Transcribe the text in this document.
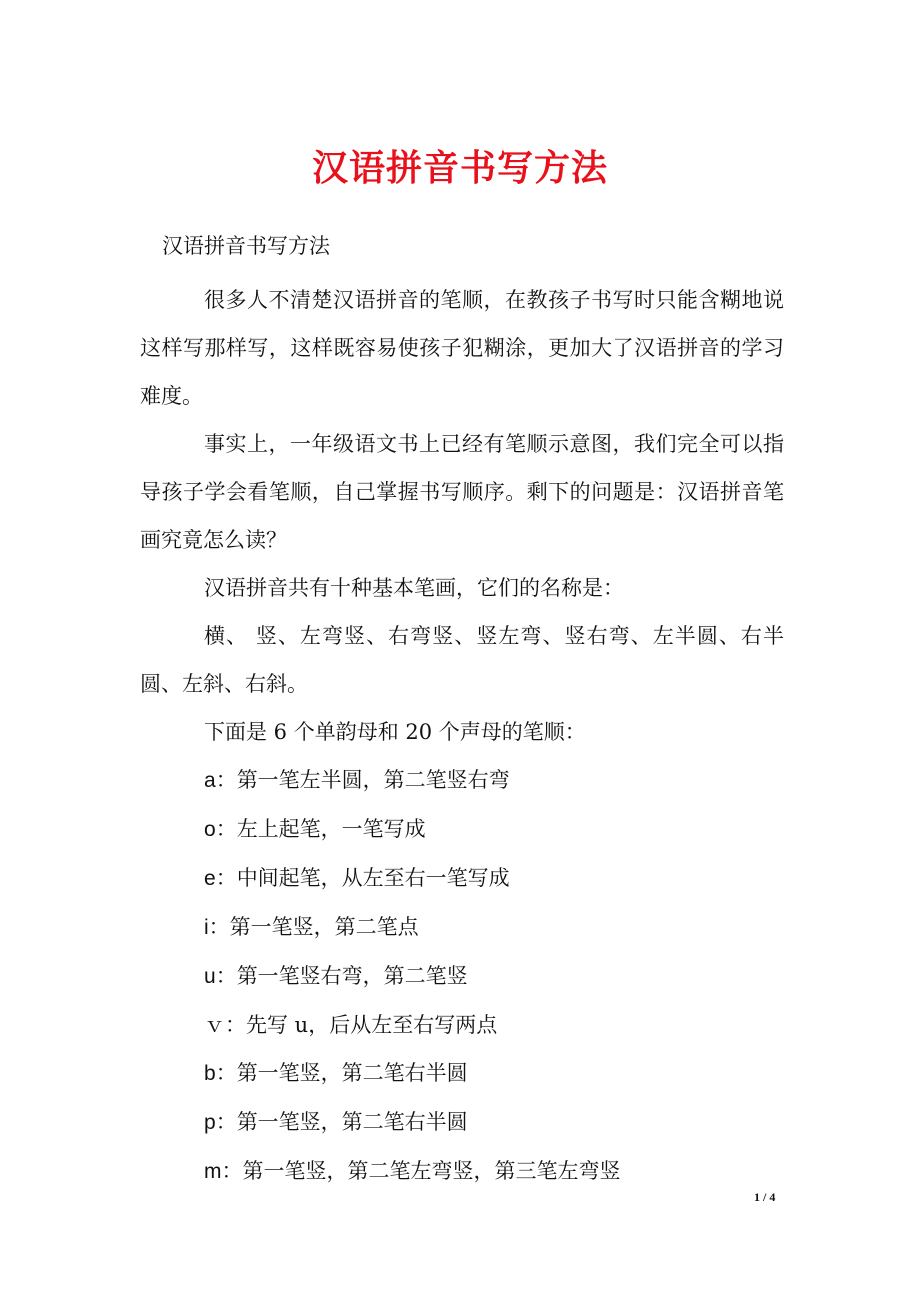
汉语拼音书写方法
汉语拼音书写方法

很多人不清楚汉语拼音的笔顺，在教孩子书写时只能含糊地说这样写那样写，这样既容易使孩子犯糊涂，更加大了汉语拼音的学习难度。

事实上，一年级语文书上已经有笔顺示意图，我们完全可以指导孩子学会看笔顺，自己掌握书写顺序。剩下的问题是：汉语拼音笔画究竟怎么读？

汉语拼音共有十种基本笔画，它们的名称是：

横、 竖、左弯竖、右弯竖、竖左弯、竖右弯、左半圆、右半圆、左斜、右斜。

下面是 6 个单韵母和 20 个声母的笔顺：

a：第一笔左半圆，第二笔竖右弯

o：左上起笔，一笔写成

e：中间起笔，从左至右一笔写成

i：第一笔竖，第二笔点

u：第一笔竖右弯，第二笔竖

ｖ：先写 u，后从左至右写两点

b：第一笔竖，第二笔右半圆

p：第一笔竖，第二笔右半圆

m：第一笔竖，第二笔左弯竖，第三笔左弯竖

1 / 4
